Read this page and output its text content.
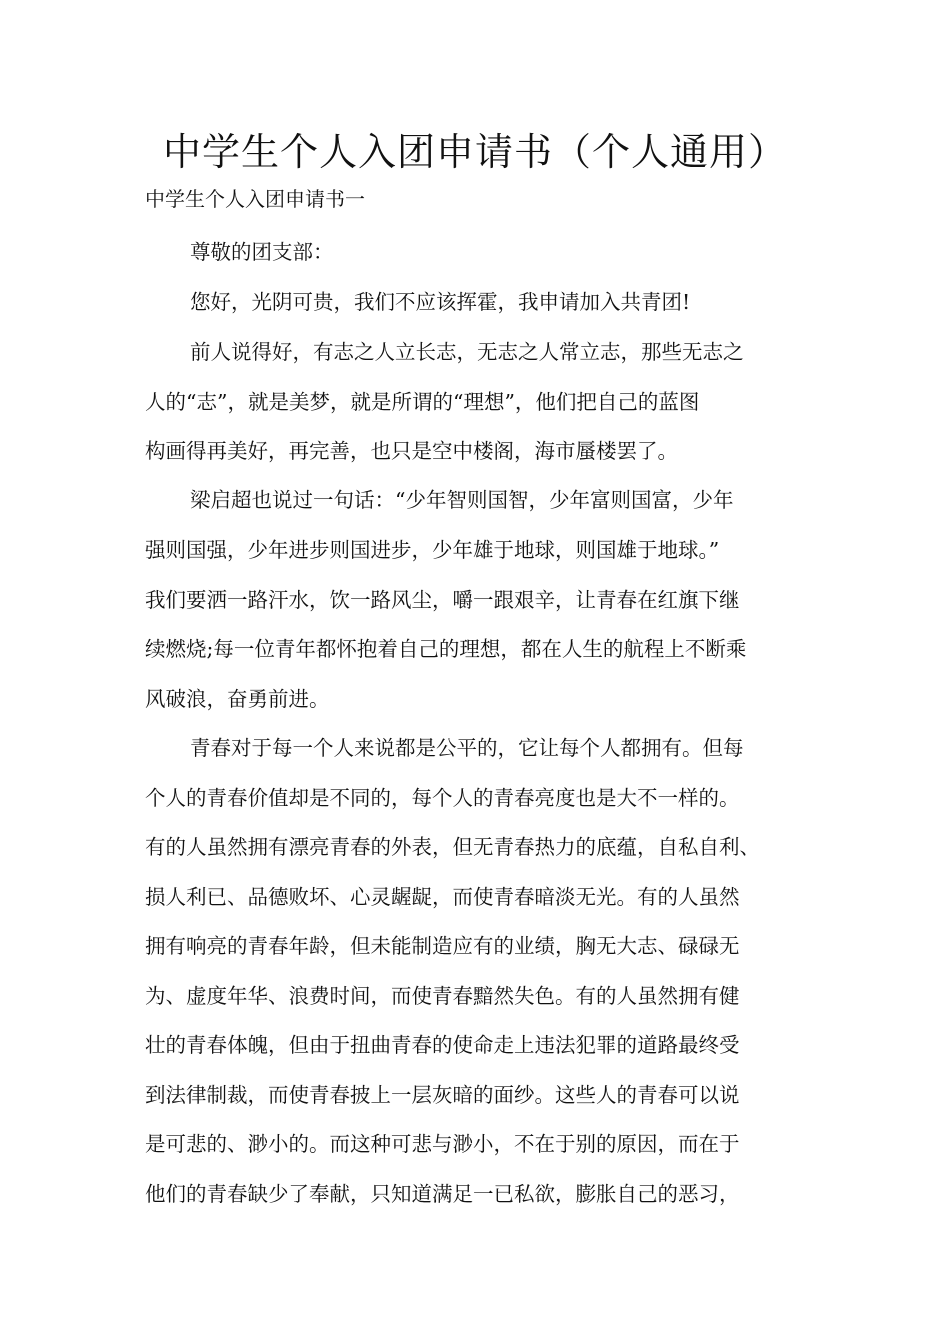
中学生个人入团申请书（个人通用）
中学生个人入团申请书一
尊敬的团支部：
您好，光阴可贵，我们不应该挥霍，我申请加入共青团!
前人说得好，有志之人立长志，无志之人常立志，那些无志之
人的“志”，就是美梦，就是所谓的“理想”，他们把自己的蓝图
构画得再美好，再完善，也只是空中楼阁，海市蜃楼罢了。
梁启超也说过一句话：“少年智则国智，少年富则国富，少年
强则国强，少年进步则国进步，少年雄于地球，则国雄于地球。”
我们要洒一路汗水，饮一路风尘，嚼一跟艰辛，让青春在红旗下继
续燃烧;每一位青年都怀抱着自己的理想，都在人生的航程上不断乘
风破浪，奋勇前进。
青春对于每一个人来说都是公平的，它让每个人都拥有。但每
个人的青春价值却是不同的，每个人的青春亮度也是大不一样的。
有的人虽然拥有漂亮青春的外表，但无青春热力的底蕴，自私自利、
损人利已、品德败坏、心灵龌龊，而使青春暗淡无光。有的人虽然
拥有响亮的青春年龄，但未能制造应有的业绩，胸无大志、碌碌无
为、虚度年华、浪费时间，而使青春黯然失色。有的人虽然拥有健
壮的青春体魄，但由于扭曲青春的使命走上违法犯罪的道路最终受
到法律制裁，而使青春披上一层灰暗的面纱。这些人的青春可以说
是可悲的、渺小的。而这种可悲与渺小，不在于别的原因，而在于
他们的青春缺少了奉献，只知道满足一已私欲，膨胀自己的恶习，
